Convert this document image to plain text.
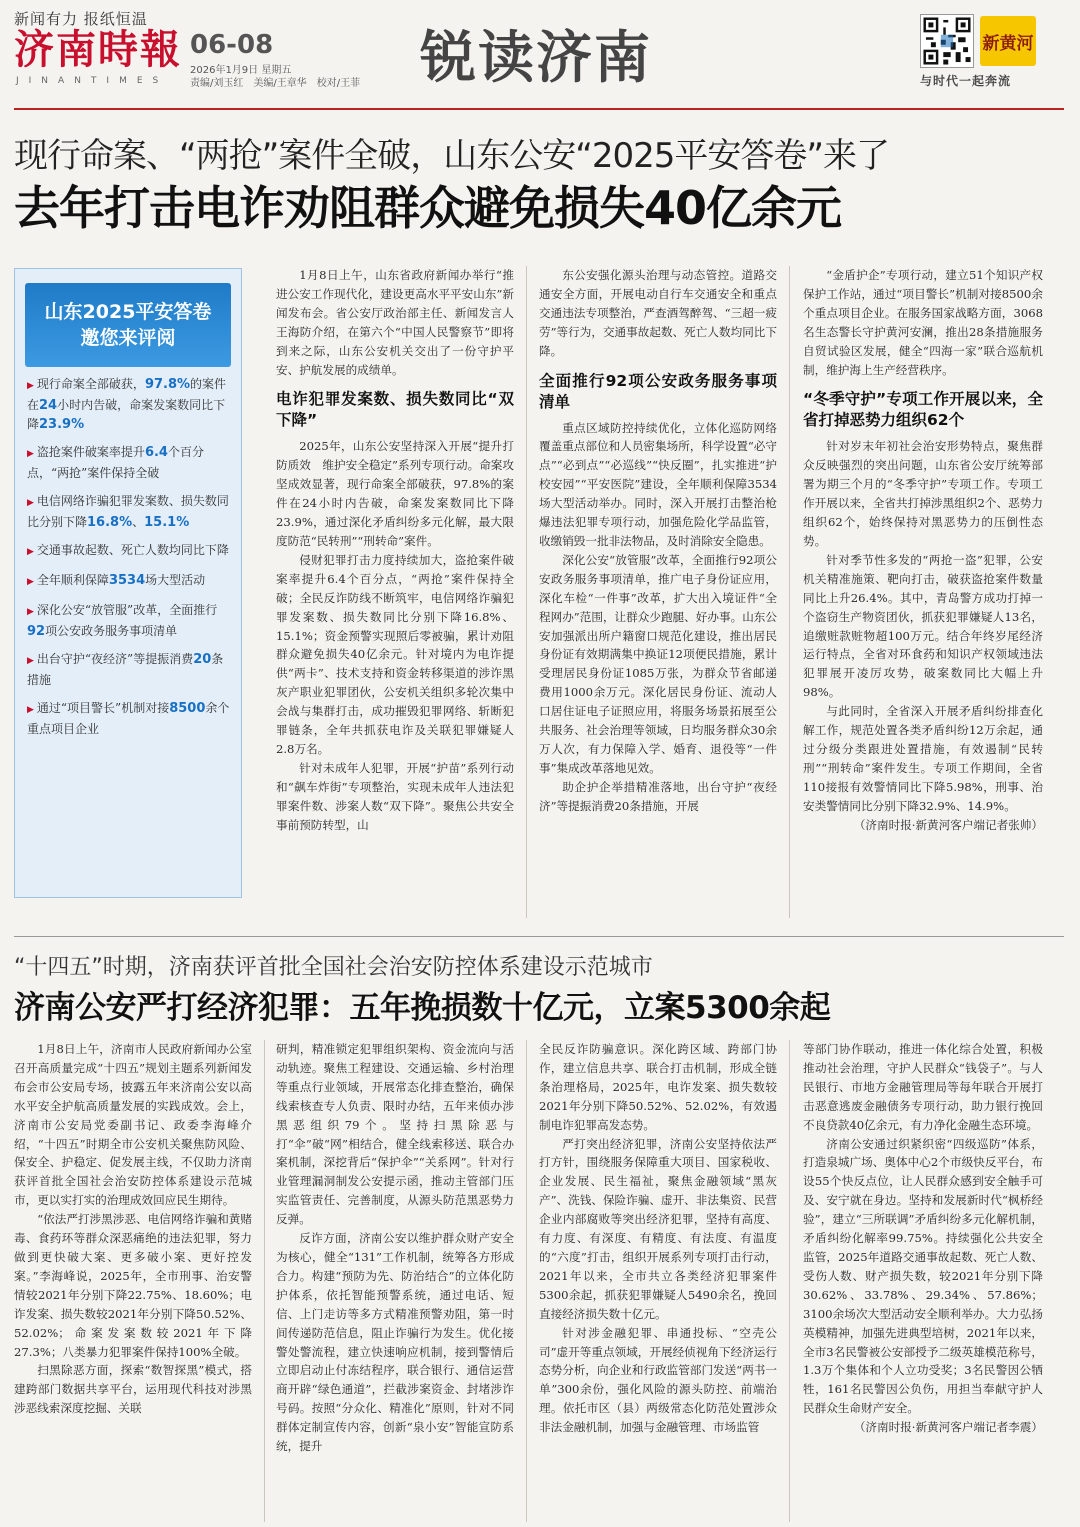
新闻有力 报纸恒温
济南時報
JINANTIMES
06-08
2026年1月9日 星期五
责编/刘玉红　美编/王章华　校对/王菲 锐读济南	新黄河
与时代一起奔流
现行命案、“两抢”案件全破，山东公安“2025平安答卷”来了
去年打击电诈劝阻群众避免损失40亿余元
山东2025平安答卷
邀您来评阅
▶ 现行命案全部破获，97.8%的案件在24小时内告破，命案发案数同比下降23.9%
▶ 盗抢案件破案率提升6.4个百分点，“两抢”案件保持全破
▶ 电信网络诈骗犯罪发案数、损失数同比分别下降16.8%、15.1%
▶ 交通事故起数、死亡人数均同比下降
▶ 全年顺利保障3534场大型活动
▶ 深化公安“放管服”改革，全面推行92项公安政务服务事项清单
▶ 出台守护“夜经济”等提振消费20条措施
▶ 通过“项目警长”机制对接8500余个重点项目企业

1月8日上午，山东省政府新闻办举行“推进公安工作现代化，建设更高水平平安山东”新闻发布会。省公安厅政治部主任、新闻发言人王海防介绍，在第六个“中国人民警察节”即将到来之际，山东公安机关交出了一份守护平安、护航发展的成绩单。

电诈犯罪发案数、损失数同比“双下降”

2025年，山东公安坚持深入开展“提升打防质效　维护安全稳定”系列专项行动。命案攻坚成效显著，现行命案全部破获，97.8%的案件在24小时内告破，命案发案数同比下降23.9%，通过深化矛盾纠纷多元化解，最大限度防范“民转刑”“刑转命”案件。

侵财犯罪打击力度持续加大，盗抢案件破案率提升6.4个百分点，“两抢”案件保持全破；全民反诈防线不断筑牢，电信网络诈骗犯罪发案数、损失数同比分别下降16.8%、15.1%；资金预警实现照后零被骗，累计劝阻群众避免损失40亿余元。针对境内为电诈提供“两卡”、技术支持和资金转移渠道的涉诈黑灰产职业犯罪团伙，公安机关组织多轮次集中会战与集群打击，成功摧毁犯罪网络、斩断犯罪链条，全年共抓获电诈及关联犯罪嫌疑人2.8万名。

针对未成年人犯罪，开展“护苗”系列行动和“飙车炸街”专项整治，实现未成年人违法犯罪案件数、涉案人数“双下降”。聚焦公共安全事前预防转型，山

东公安强化源头治理与动态管控。道路交通安全方面，开展电动自行车交通安全和重点交通违法专项整治，严查酒驾醉驾、“三超一疲劳”等行为，交通事故起数、死亡人数均同比下降。

全面推行92项公安政务服务事项清单

重点区域防控持续优化，立体化巡防网络覆盖重点部位和人员密集场所，科学设置“必守点”“必到点”“必巡线”“快反圈”，扎实推进“护校安园”“平安医院”建设，全年顺利保障3534场大型活动举办。同时，深入开展打击整治枪爆违法犯罪专项行动，加强危险化学品监管，收缴销毁一批非法物品，及时消除安全隐患。

深化公安“放管服”改革，全面推行92项公安政务服务事项清单，推广电子身份证应用，深化车检“一件事”改革，扩大出入境证件“全程网办”范围，让群众少跑腿、好办事。山东公安加强派出所户籍窗口规范化建设，推出居民身份证有效期满集中换证12项便民措施，累计受理居民身份证1085万张，为群众节省邮递费用1000余万元。深化居民身份证、流动人口居住证电子证照应用，将服务场景拓展至公共服务、社会治理等领域，日均服务群众30余万人次，有力保障入学、婚育、退役等“一件事”集成改革落地见效。

助企护企举措精准落地，出台守护“夜经济”等提振消费20条措施，开展

“金盾护企”专项行动，建立51个知识产权保护工作站，通过“项目警长”机制对接8500余个重点项目企业。在服务国家战略方面，3068名生态警长守护黄河安澜，推出28条措施服务自贸试验区发展，健全“四海一家”联合巡航机制，维护海上生产经营秩序。

“冬季守护”专项工作开展以来，全省打掉恶势力组织62个

针对岁末年初社会治安形势特点，聚焦群众反映强烈的突出问题，山东省公安厅统筹部署为期三个月的“冬季守护”专项工作。专项工作开展以来，全省共打掉涉黑组织2个、恶势力组织62个，始终保持对黑恶势力的压倒性态势。

针对季节性多发的“两抢一盗”犯罪，公安机关精准施策、靶向打击，破获盗抢案件数量同比上升26.4%。其中，青岛警方成功打掉一个盗窃生产物资团伙，抓获犯罪嫌疑人13名，追缴赃款赃物超100万元。结合年终岁尾经济运行特点，全省对环食药和知识产权领域违法犯罪展开凌厉攻势，破案数同比大幅上升98%。

与此同时，全省深入开展矛盾纠纷排查化解工作，规范处置各类矛盾纠纷12万余起，通过分级分类跟进处置措施，有效遏制“民转刑”“刑转命”案件发生。专项工作期间，全省110接报有效警情同比下降5.98%，刑事、治安类警情同比分别下降32.9%、14.9%。

（济南时报·新黄河客户端记者张帅）

“十四五”时期，济南获评首批全国社会治安防控体系建设示范城市
济南公安严打经济犯罪：五年挽损数十亿元，立案5300余起

1月8日上午，济南市人民政府新闻办公室召开高质量完成“十四五”规划主题系列新闻发布会市公安局专场，披露五年来济南公安以高水平安全护航高质量发展的实践成效。会上，济南市公安局党委副书记、政委李海峰介绍，“十四五”时期全市公安机关聚焦防风险、保安全、护稳定、促发展主线，不仅助力济南获评首批全国社会治安防控体系建设示范城市，更以实打实的治理成效回应民生期待。

“依法严打涉黑涉恶、电信网络诈骗和黄赌毒、食药环等群众深恶痛绝的违法犯罪，努力做到更快破大案、更多破小案、更好控发案。”李海峰说，2025年，全市刑事、治安警情较2021年分别下降22.75%、18.60%；电诈发案、损失数较2021年分别下降50.52%、52.02%；命案发案数较2021年下降27.3%；八类暴力犯罪案件保持100%全破。

扫黑除恶方面，探索“数智探黑”模式，搭建跨部门数据共享平台，运用现代科技对涉黑涉恶线索深度挖掘、关联

研判，精准锁定犯罪组织架构、资金流向与活动轨迹。聚焦工程建设、交通运输、乡村治理等重点行业领域，开展常态化排查整治，确保线索核查专人负责、限时办结，五年来侦办涉黑恶组织79个。坚持扫黑除恶与打“伞”破“网”相结合，健全线索移送、联合办案机制，深挖背后“保护伞”“关系网”。针对行业管理漏洞制发公安提示函，推动主管部门压实监管责任、完善制度，从源头防范黑恶势力反弹。

反诈方面，济南公安以维护群众财产安全为核心，健全“131”工作机制，统筹各方形成合力。构建“预防为先、防治结合”的立体化防护体系，依托智能预警系统，通过电话、短信、上门走访等多方式精准预警劝阻，第一时间传递防范信息，阻止诈骗行为发生。优化接警处警流程，建立快速响应机制，接到警情后立即启动止付冻结程序，联合银行、通信运营商开辟“绿色通道”，拦截涉案资金、封堵涉诈号码。按照“分众化、精准化”原则，针对不同群体定制宣传内容，创新“泉小安”智能宣防系统，提升

全民反诈防骗意识。深化跨区域、跨部门协作，建立信息共享、联合打击机制，形成全链条治理格局，2025年，电诈发案、损失数较2021年分别下降50.52%、52.02%，有效遏制电诈犯罪高发态势。

严打突出经济犯罪，济南公安坚持依法严打方针，围绕服务保障重大项目、国家税收、企业发展、民生福祉，聚焦金融领域“黑灰产”、洗钱、保险诈骗、虚开、非法集资、民营企业内部腐败等突出经济犯罪，坚持有高度、有力度、有深度、有精度、有法度、有温度的“六度”打击，组织开展系列专项打击行动，2021年以来，全市共立各类经济犯罪案件5300余起，抓获犯罪嫌疑人5490余名，挽回直接经济损失数十亿元。

针对涉金融犯罪、串通投标、“空壳公司”虚开等重点领域，开展经侦视角下经济运行态势分析，向企业和行政监管部门发送“两书一单”300余份，强化风险的源头防控、前端治理。依托市区（县）两级常态化防范处置涉众非法金融机制，加强与金融管理、市场监管

等部门协作联动，推进一体化综合处置，积极推动社会治理，守护人民群众“钱袋子”。与人民银行、市地方金融管理局等每年联合开展打击恶意逃废金融债务专项行动，助力银行挽回不良贷款40亿余元，有力净化金融生态环境。

济南公安通过织紧织密“四级巡防”体系，打造泉城广场、奥体中心2个市级快反平台，布设55个快反点位，让人民群众感到安全触手可及、安宁就在身边。坚持和发展新时代“枫桥经验”，建立“三所联调”矛盾纠纷多元化解机制，矛盾纠纷化解率99.75%。持续强化公共安全监管，2025年道路交通事故起数、死亡人数、受伤人数、财产损失数，较2021年分别下降30.62%、33.78%、29.34%、57.86%；3100余场次大型活动安全顺利举办。大力弘扬英模精神，加强先进典型培树，2021年以来，全市3名民警被公安部授予二级英雄模范称号，1.3万个集体和个人立功受奖；3名民警因公牺牲，161名民警因公负伤，用担当奉献守护人民群众生命财产安全。

（济南时报·新黄河客户端记者李震）
